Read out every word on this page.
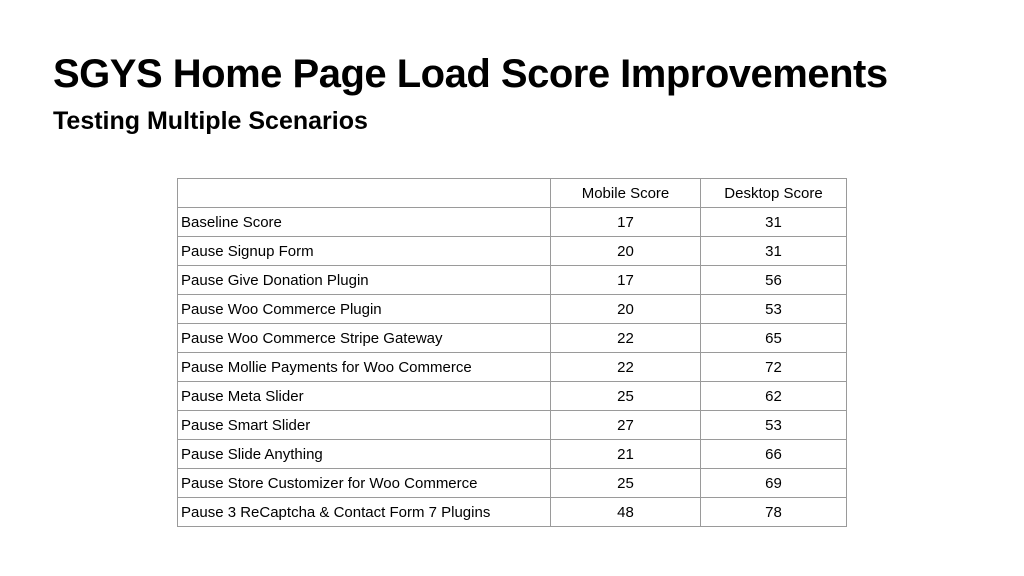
SGYS Home Page Load Score Improvements
Testing Multiple Scenarios
	Mobile Score	Desktop Score
Baseline Score	17	31
Pause Signup Form	20	31
Pause Give Donation Plugin	17	56
Pause Woo Commerce Plugin	20	53
Pause Woo Commerce Stripe Gateway	22	65
Pause Mollie Payments for Woo Commerce	22	72
Pause Meta Slider	25	62
Pause Smart Slider	27	53
Pause Slide Anything	21	66
Pause Store Customizer for Woo Commerce	25	69
Pause 3 ReCaptcha & Contact Form 7 Plugins	48	78
